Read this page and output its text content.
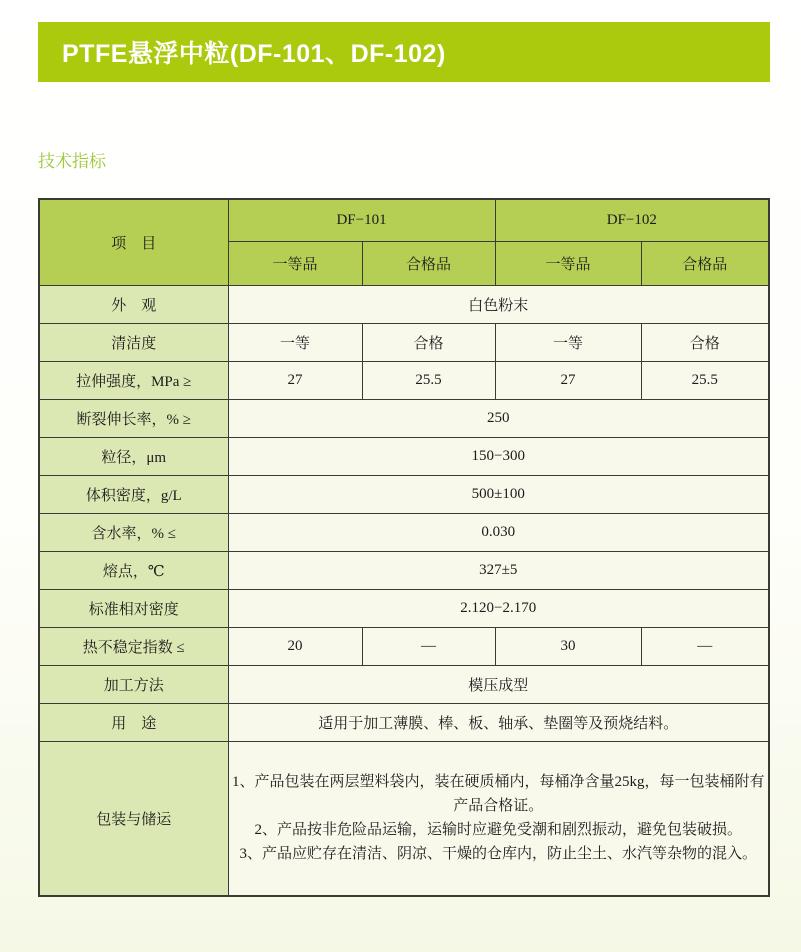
PTFE悬浮中粒(DF-101、DF-102)
技术指标
项　目	DF−101		DF−102	
	一等品	合格品	一等品	合格品
外　观	白色粉末			
清洁度	一等	合格	一等	合格
拉伸强度，MPa ≥	27	25.5	27	25.5
断裂伸长率，% ≥	250			
粒径，μm	150−300			
体积密度，g/L	500±100			
含水率，% ≤	0.030			
熔点，℃	327±5			
标准相对密度	2.120−2.170			
热不稳定指数 ≤	20	—	30	—
加工方法	模压成型			
用　途	适用于加工薄膜、棒、板、轴承、垫圈等及预烧结料。			
包装与储运	1、产品包装在两层塑料袋内，装在硬质桶内，每桶净含量25kg，每一包装桶附有产品合格证。

2、产品按非危险品运输，运输时应避免受潮和剧烈振动，避免包装破损。

3、产品应贮存在清洁、阴凉、干燥的仓库内，防止尘土、水汽等杂物的混入。			
